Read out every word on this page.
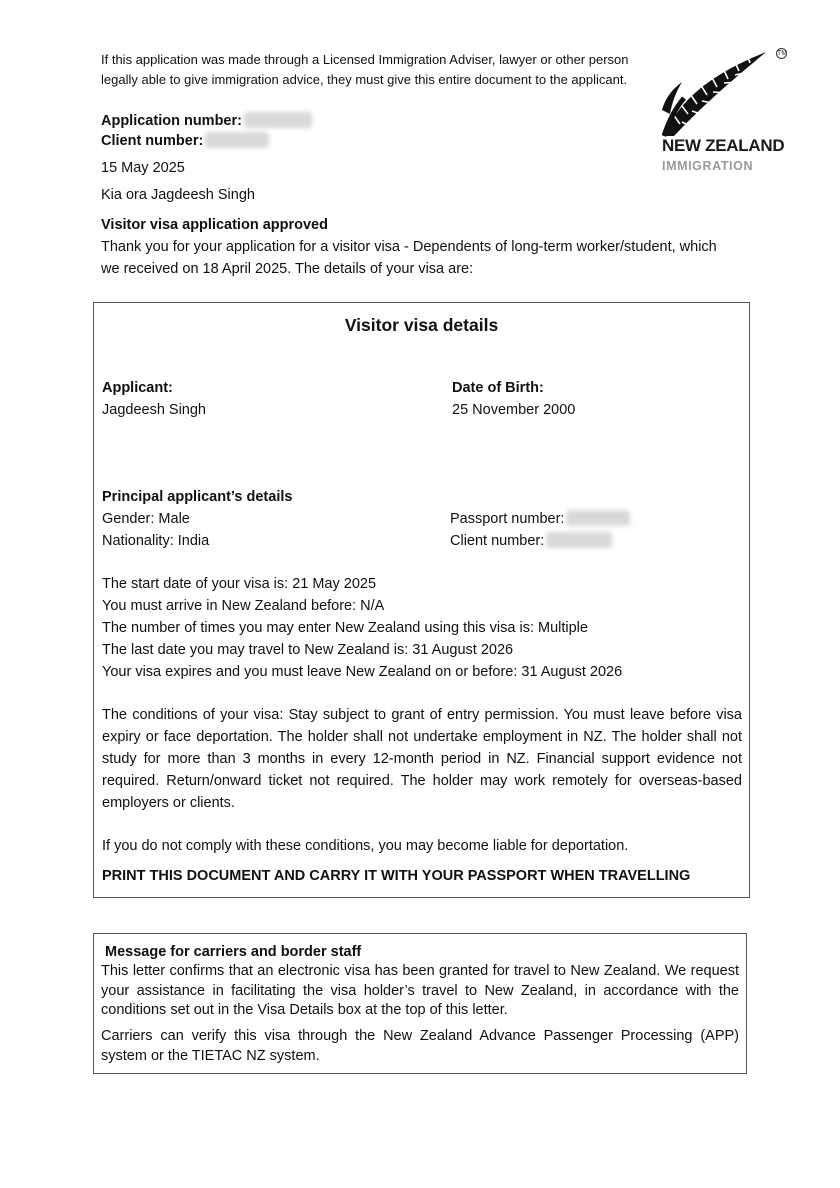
If this application was made through a Licensed Immigration Adviser, lawyer or other person
legally able to give immigration advice, they must give this entire document to the applicant.
TM
NEW ZEALAND
IMMIGRATION
Application number:
Client number:
15 May 2025
Kia ora Jagdeesh Singh
Visitor visa application approved
Thank you for your application for a visitor visa - Dependents of long-term worker/student, which
we received on 18 April 2025. The details of your visa are:
Visitor visa details
Applicant:
Jagdeesh Singh
Date of Birth:
25 November 2000
Principal applicant’s details
Gender: Male
Nationality: India
Passport number:
Client number:
The start date of your visa is: 21 May 2025
You must arrive in New Zealand before: N/A
The number of times you may enter New Zealand using this visa is: Multiple
The last date you may travel to New Zealand is: 31 August 2026
Your visa expires and you must leave New Zealand on or before: 31 August 2026
The conditions of your visa: Stay subject to grant of entry permission. You must leave before visa expiry or face deportation. The holder shall not undertake employment in NZ. The holder shall not study for more than 3 months in every 12-month period in NZ. Financial support evidence not required. Return/onward ticket not required. The holder may work remotely for overseas-based employers or clients.
If you do not comply with these conditions, you may become liable for deportation.
PRINT THIS DOCUMENT AND CARRY IT WITH YOUR PASSPORT WHEN TRAVELLING
Message for carriers and border staff
This letter confirms that an electronic visa has been granted for travel to New Zealand. We request your assistance in facilitating the visa holder’s travel to New Zealand, in accordance with the conditions set out in the Visa Details box at the top of this letter.
Carriers can verify this visa through the New Zealand Advance Passenger Processing (APP) system or the TIETAC NZ system.
